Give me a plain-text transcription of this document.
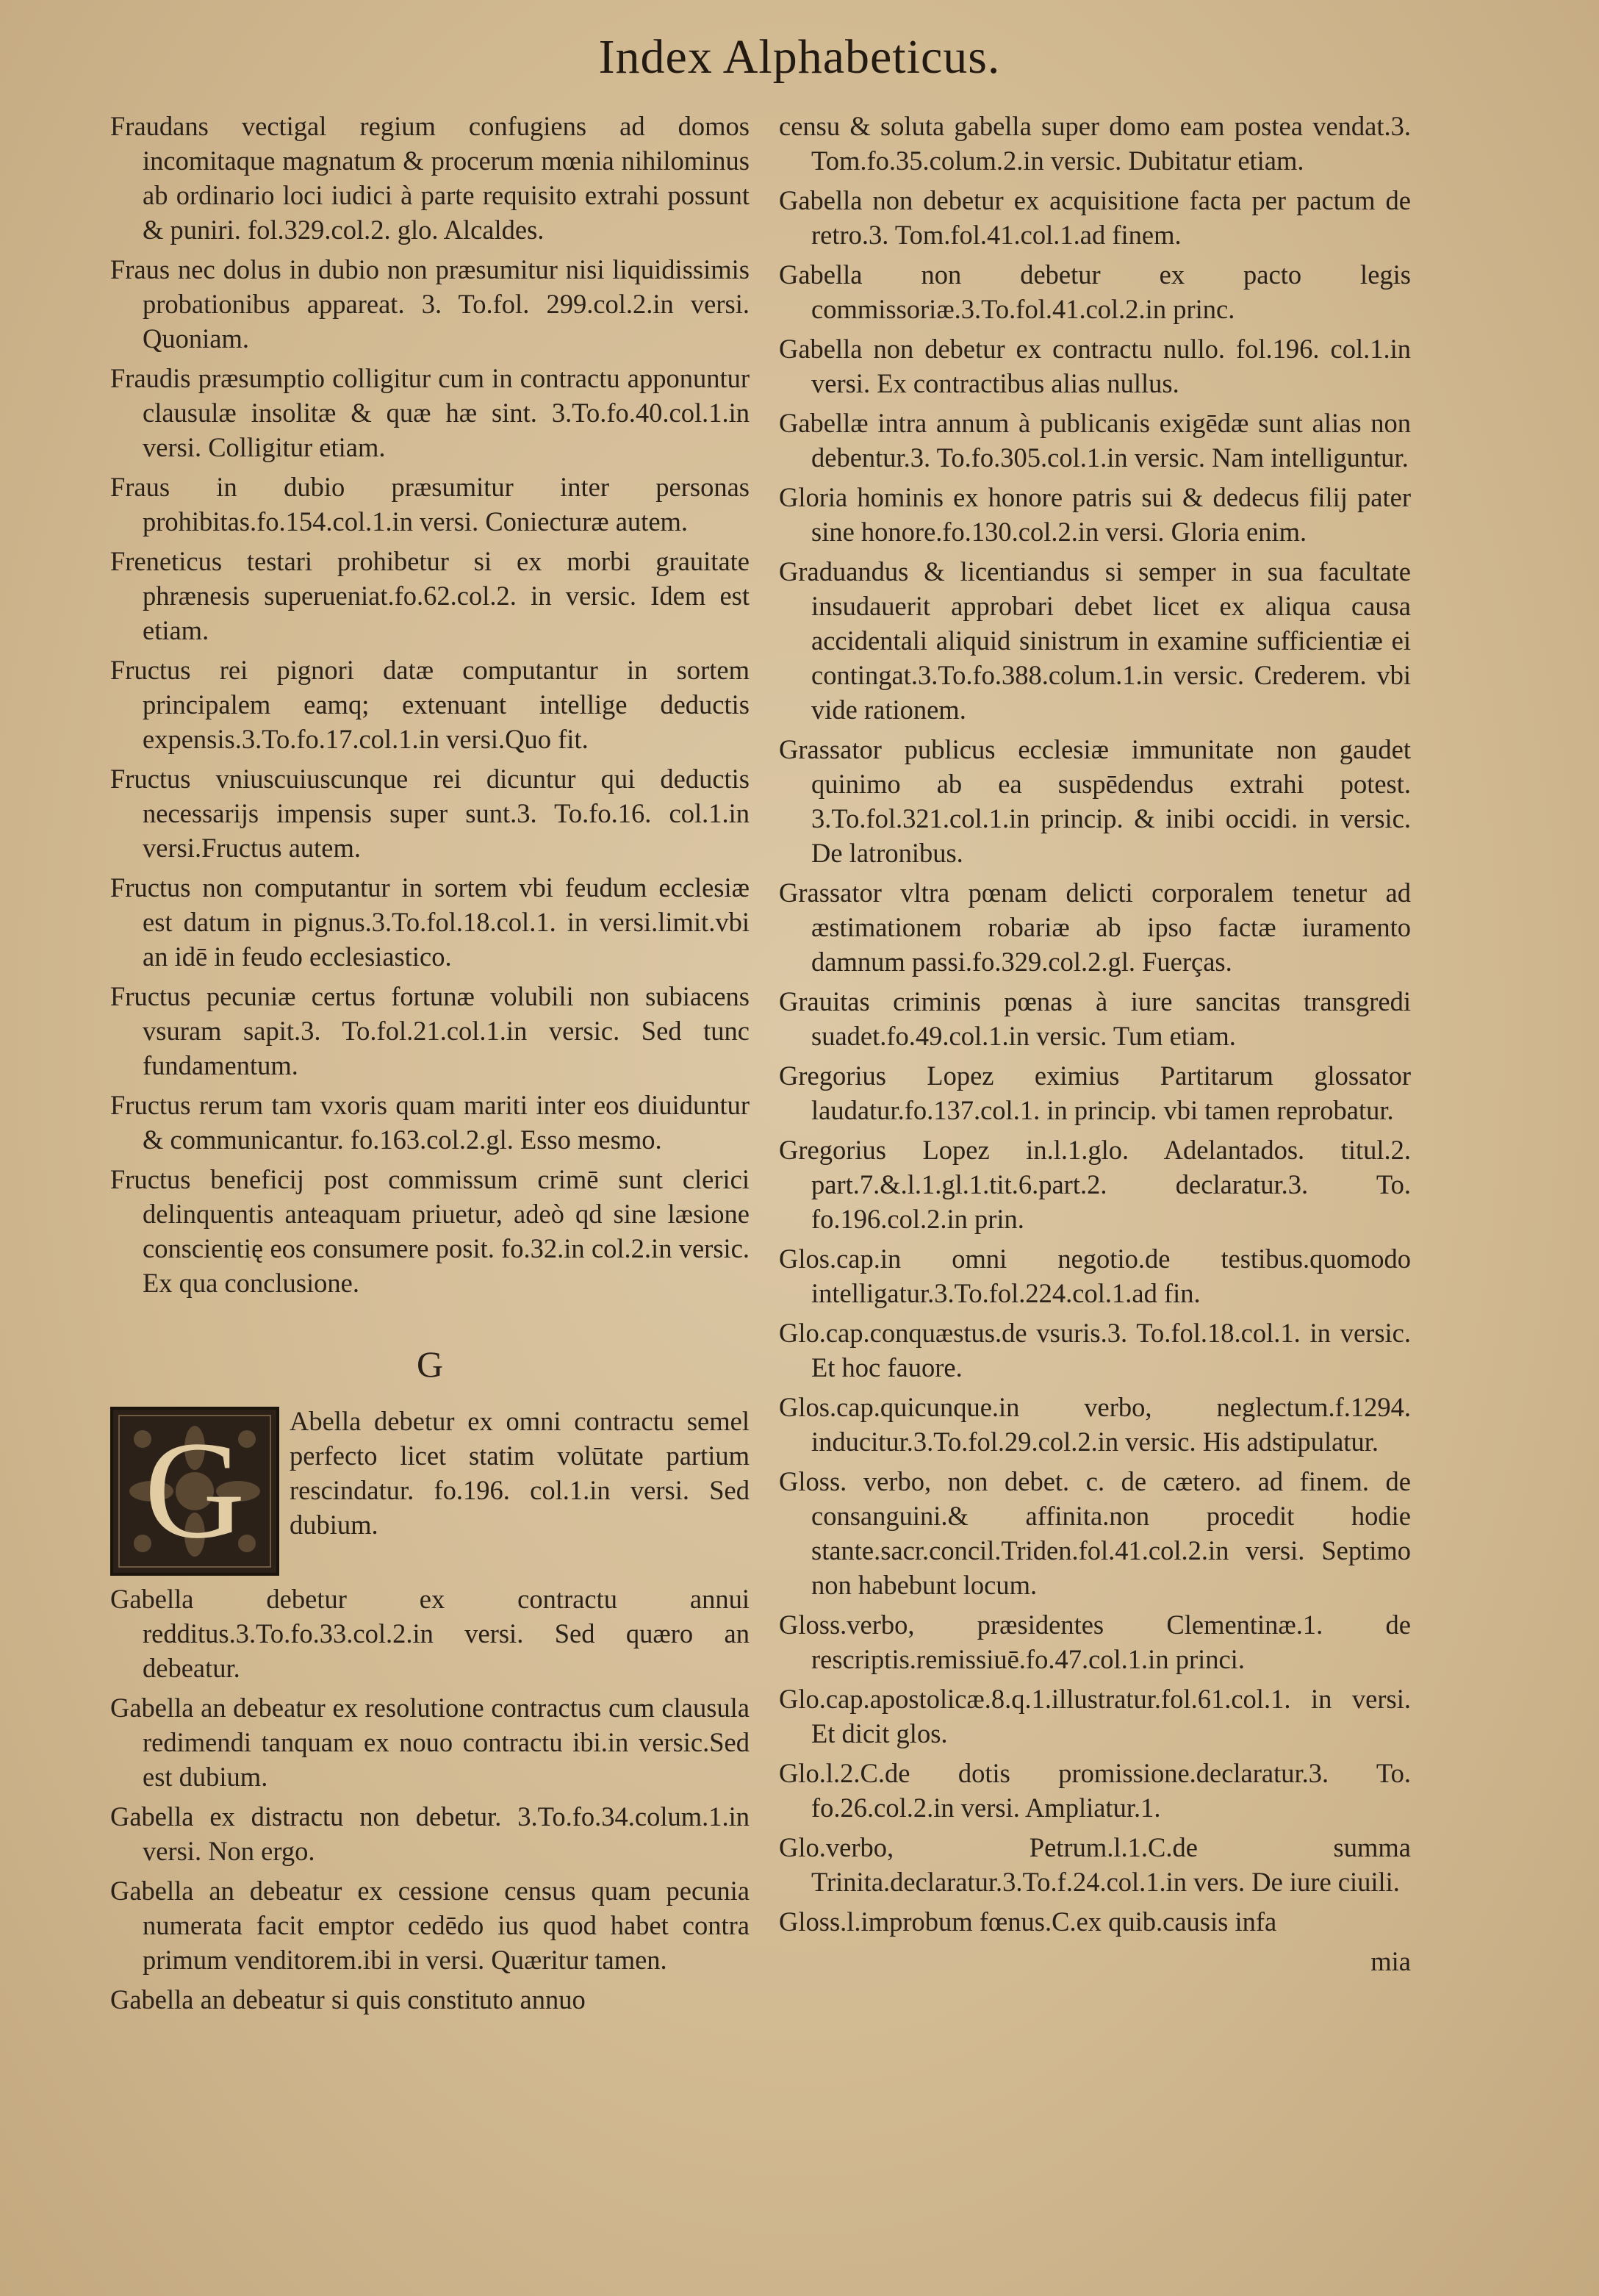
Index Alphabeticus.

Fraudans vectigal regium confugiens ad domos incomitaque magnatum & procerum mœnia nihilominus ab ordinario loci iudici à parte requisito extrahi possunt & puniri. fol.329.col.2. glo. Alcaldes.

Fraus nec dolus in dubio non præsumitur nisi liquidissimis probationibus appareat. 3. To.fol. 299.col.2.in versi. Quoniam.

Fraudis præsumptio colligitur cum in contractu apponuntur clausulæ insolitæ & quæ hæ sint. 3.To.fo.40.col.1.in versi. Colligitur etiam.

Fraus in dubio præsumitur inter personas prohibitas.fo.154.col.1.in versi. Coniecturæ autem.

Freneticus testari prohibetur si ex morbi grauitate phrænesis superueniat.fo.62.col.2. in versic. Idem est etiam.

Fructus rei pignori datæ computantur in sortem principalem eamq; extenuant intellige deductis expensis.3.To.fo.17.col.1.in versi.Quo fit.

Fructus vniuscuiuscunque rei dicuntur qui deductis necessarijs impensis super sunt.3. To.fo.16. col.1.in versi.Fructus autem.

Fructus non computantur in sortem vbi feudum ecclesiæ est datum in pignus.3.To.fol.18.col.1. in versi.limit.vbi an idē in feudo ecclesiastico.

Fructus pecuniæ certus fortunæ volubili non subiacens vsuram sapit.3. To.fol.21.col.1.in versic. Sed tunc fundamentum.

Fructus rerum tam vxoris quam mariti inter eos diuiduntur & communicantur. fo.163.col.2.gl. Esso mesmo.

Fructus beneficij post commissum crimē sunt clerici delinquentis anteaquam priuetur, adeò qd sine læsione conscientię eos consumere posit. fo.32.in col.2.in versic. Ex qua conclusione.

G
G	Abella debetur ex omni contractu semel perfecto licet statim volūtate partium rescindatur. fo.196. col.1.in versi. Sed dubium.

Gabella debetur ex contractu annui redditus.3.To.fo.33.col.2.in versi. Sed quæro an debeatur.

Gabella an debeatur ex resolutione contractus cum clausula redimendi tanquam ex nouo contractu ibi.in versic.Sed est dubium.

Gabella ex distractu non debetur. 3.To.fo.34.colum.1.in versi. Non ergo.

Gabella an debeatur ex cessione census quam pecunia numerata facit emptor cedēdo ius quod habet contra primum venditorem.ibi in versi. Quæritur tamen.

Gabella an debeatur si quis constituto annuo

censu & soluta gabella super domo eam postea vendat.3. Tom.fo.35.colum.2.in versic. Dubitatur etiam.

Gabella non debetur ex acquisitione facta per pactum de retro.3. Tom.fol.41.col.1.ad finem.

Gabella non debetur ex pacto legis commissoriæ.3.To.fol.41.col.2.in princ.

Gabella non debetur ex contractu nullo. fol.196. col.1.in versi. Ex contractibus alias nullus.

Gabellæ intra annum à publicanis exigēdæ sunt alias non debentur.3. To.fo.305.col.1.in versic. Nam intelliguntur.

Gloria hominis ex honore patris sui & dedecus filij pater sine honore.fo.130.col.2.in versi. Gloria enim.

Graduandus & licentiandus si semper in sua facultate insudauerit approbari debet licet ex aliqua causa accidentali aliquid sinistrum in examine sufficientiæ ei contingat.3.To.fo.388.colum.1.in versic. Crederem. vbi vide rationem.

Grassator publicus ecclesiæ immunitate non gaudet quinimo ab ea suspēdendus extrahi potest. 3.To.fol.321.col.1.in princip. & inibi occidi. in versic. De latronibus.

Grassator vltra pœnam delicti corporalem tenetur ad æstimationem robariæ ab ipso factæ iuramento damnum passi.fo.329.col.2.gl. Fuerças.

Grauitas criminis pœnas à iure sancitas transgredi suadet.fo.49.col.1.in versic. Tum etiam.

Gregorius Lopez eximius Partitarum glossator laudatur.fo.137.col.1. in princip. vbi tamen reprobatur.

Gregorius Lopez in.l.1.glo. Adelantados. titul.2. part.7.&.l.1.gl.1.tit.6.part.2. declaratur.3. To. fo.196.col.2.in prin.

Glos.cap.in omni negotio.de testibus.quomodo intelligatur.3.To.fol.224.col.1.ad fin.

Glo.cap.conquæstus.de vsuris.3. To.fol.18.col.1. in versic. Et hoc fauore.

Glos.cap.quicunque.in verbo, neglectum.f.1294. inducitur.3.To.fol.29.col.2.in versic. His adstipulatur.

Gloss. verbo, non debet. c. de cætero. ad finem. de consanguini.& affinita.non procedit hodie stante.sacr.concil.Triden.fol.41.col.2.in versi. Septimo non habebunt locum.

Gloss.verbo, præsidentes Clementinæ.1. de rescriptis.remissiuē.fo.47.col.1.in princi.

Glo.cap.apostolicæ.8.q.1.illustratur.fol.61.col.1. in versi. Et dicit glos.

Glo.l.2.C.de dotis promissione.declaratur.3. To. fo.26.col.2.in versi. Ampliatur.1.

Glo.verbo, Petrum.l.1.C.de summa Trinita.declaratur.3.To.f.24.col.1.in vers. De iure ciuili.

Gloss.l.improbum fœnus.C.ex quib.causis infa

mia
